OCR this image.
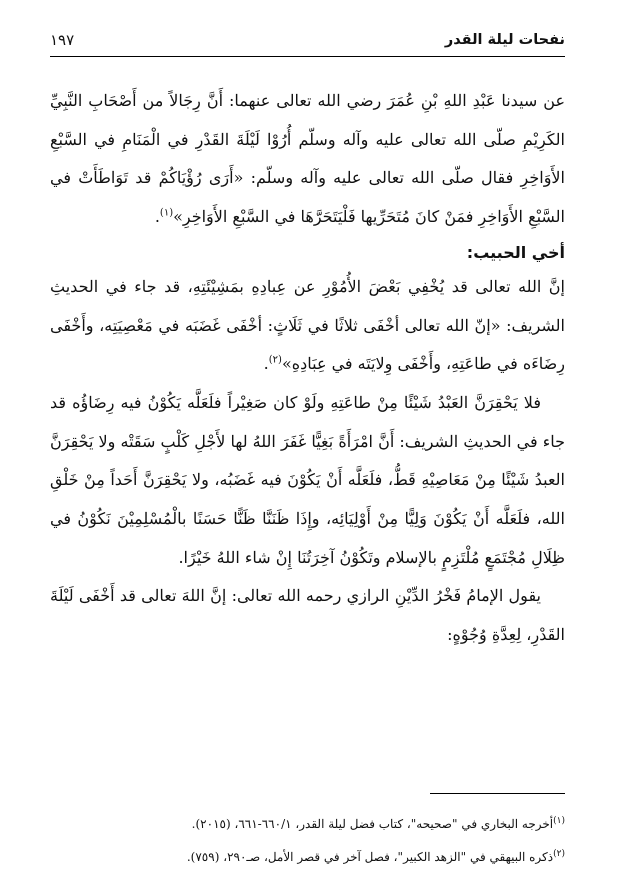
نفحات ليلة القدر
١٩٧

عن سيدنا عَبْدِ اللهِ بْنِ عُمَرَ رضي الله تعالى عنهما: أَنَّ رِجَالاً من أَصْحَابِ النَّبِيِّ الكَرِيْمِ صلّى الله تعالى عليه وآله وسلّم أُرُوْا لَيْلَةَ القَدْرِ في الْمَنَامِ في السَّبْعِ الأَوَاخِرِ فقال صلّى الله تعالى عليه وآله وسلّم: «أَرَى رُؤْيَاكُمْ قد تَوَاطَأَتْ في السَّبْعِ الأَوَاخِرِ فمَنْ كانَ مُتَحَرِّيها فَلْيَتَحَرَّهَا في السَّبْعِ الأَوَاخِرِ»$^{(١)}$.

أخي الحبيب:

إنَّ الله تعالى قد يُخْفِي بَعْضَ الأُمُوْرِ عن عِبادِهِ بمَشِيْئَتِهِ، قد جاء في الحديثِ الشريف: «إنّ الله تعالى أخْفَى ثلاثًا في ثَلَاثٍ: أخْفَى غَضَبَه في مَعْصِيَتِه، وأَخْفَى رِضَاءَه في طاعَتِهِ، وأَخْفَى وِلايَتَه في عِبَادِهِ»$^{(٢)}$.

فلا يَحْقِرَنَّ العَبْدُ شَيْئًا مِنْ طاعَتِهِ ولَوْ كان صَغِيْراً فلَعَلَّه يَكُوْنُ فيه رِضَاؤُه قد جاء في الحديثِ الشريف: أَنَّ امْرَأَةً بَغِيًّا غَفَرَ اللهُ لها لأَجْلِ كَلْبٍ سَقَتْه ولا يَحْقِرَنَّ العبدُ شَيْئًا مِنْ مَعَاصِيْهِ قَطُّ، فلَعَلَّه أَنْ يَكُوْنَ فيه غَضَبُه، ولا يَحْقِرَنَّ أَحَداً مِنْ خَلْقِ الله، فلَعَلَّه أَنْ يَكُوْنَ وَلِيًّا مِنْ أَوْلِيَائِه، وإِذَا ظَنَنَّا ظَنًّا حَسَنًا بالْمُسْلِمِيْنَ نَكُوْنُ في ظِلَالِ مُجْتَمَعٍ مُلْتَزِمٍ بالإسلام وتَكُوْنُ آخِرَتُنَا إِنْ شاء اللهُ خَيْرًا.

يقول الإمامُ فَخْرُ الدِّيْنِ الرازي رحمه الله تعالى: إنَّ اللهَ تعالى قد أَخْفَى لَيْلَةَ القَدْرِ، لِعِدَّةِ وُجُوْهٍ:

$^{(١)}$أخرجه البخاري في "صحيحه"، كتاب فضل ليلة القدر، ٦٦٠/١-٦٦١، (٢٠١٥).

$^{(٢)}$ذكره البيهقي في "الزهد الكبير"، فصل آخر في قصر الأمل، صـ٢٩٠، (٧٥٩).
